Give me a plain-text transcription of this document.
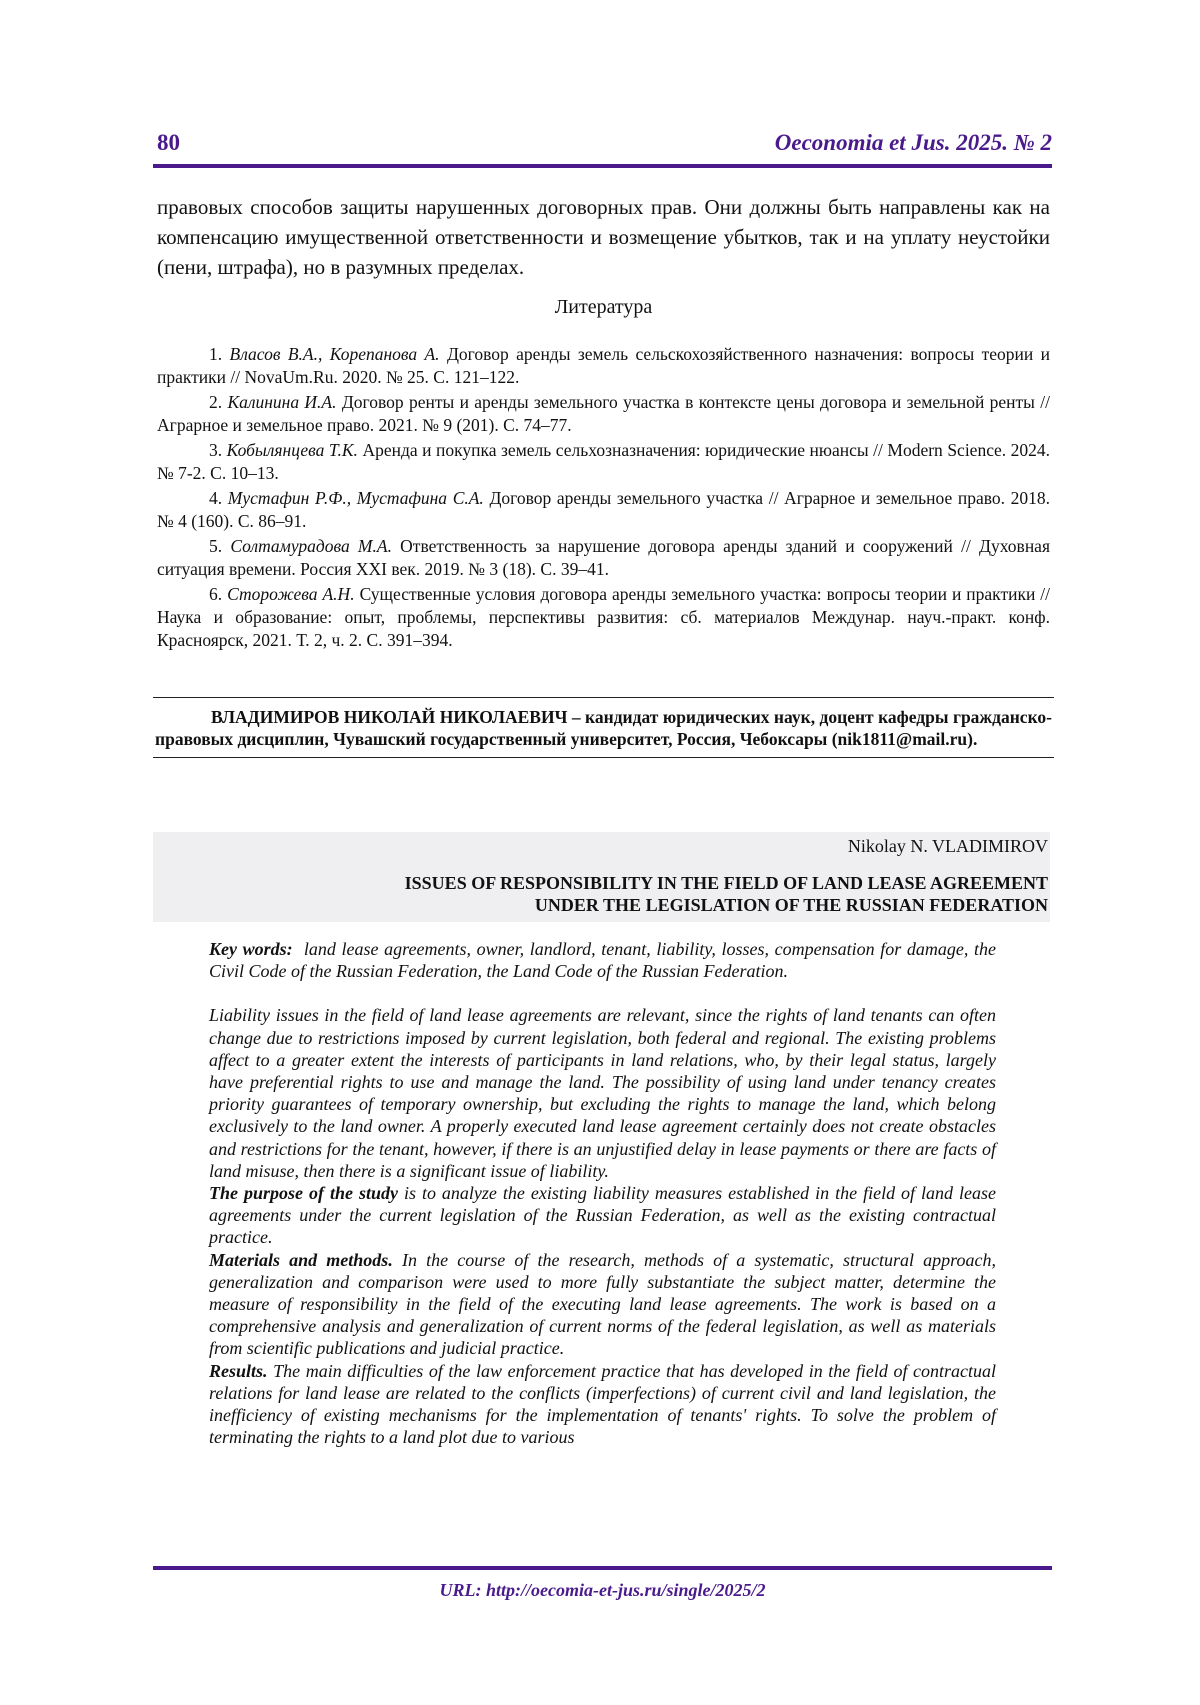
80	Oeconomia et Jus. 2025. № 2
правовых способов защиты нарушенных договорных прав. Они должны быть направлены как на компенсацию имущественной ответственности и возмещение убытков, так и на уплату неустойки (пени, штрафа), но в разумных пределах.
Литература

1. Власов В.А., Корепанова А. Договор аренды земель сельскохозяйственного назначения: вопросы теории и практики // NovaUm.Ru. 2020. № 25. С. 121–122.

2. Калинина И.А. Договор ренты и аренды земельного участка в контексте цены договора и земельной ренты // Аграрное и земельное право. 2021. № 9 (201). С. 74–77.

3. Кобылянцева Т.К. Аренда и покупка земель сельхозназначения: юридические нюансы // Modern Science. 2024. № 7-2. С. 10–13.

4. Мустафин Р.Ф., Мустафина С.А. Договор аренды земельного участка // Аграрное и земельное право. 2018. № 4 (160). С. 86–91.

5. Солтамурадова М.А. Ответственность за нарушение договора аренды зданий и сооружений // Духовная ситуация времени. Россия XXI век. 2019. № 3 (18). С. 39–41.

6. Сторожева А.Н. Существенные условия договора аренды земельного участка: вопросы теории и практики // Наука и образование: опыт, проблемы, перспективы развития: сб. материалов Междунар. науч.-практ. конф. Красноярск, 2021. Т. 2, ч. 2. С. 391–394.

ВЛАДИМИРОВ НИКОЛАЙ НИКОЛАЕВИЧ – кандидат юридических наук, доцент кафедры гражданско-правовых дисциплин, Чувашский государственный университет, Россия, Чебоксары (nik1811@mail.ru).
Nikolay N. VLADIMIROV
ISSUES OF RESPONSIBILITY IN THE FIELD OF LAND LEASE AGREEMENT
UNDER THE LEGISLATION OF THE RUSSIAN FEDERATION

Key words: land lease agreements, owner, landlord, tenant, liability, losses, compensation for damage, the Civil Code of the Russian Federation, the Land Code of the Russian Federation.

Liability issues in the field of land lease agreements are relevant, since the rights of land tenants can often change due to restrictions imposed by current legislation, both federal and regional. The existing problems affect to a greater extent the interests of participants in land relations, who, by their legal status, largely have preferential rights to use and manage the land. The possibility of using land under tenancy creates priority guarantees of temporary ownership, but excluding the rights to manage the land, which belong exclusively to the land owner. A properly executed land lease agreement certainly does not create obstacles and restrictions for the tenant, however, if there is an unjustified delay in lease payments or there are facts of land misuse, then there is a significant issue of liability.

The purpose of the study is to analyze the existing liability measures established in the field of land lease agreements under the current legislation of the Russian Federation, as well as the existing contractual practice.

Materials and methods. In the course of the research, methods of a systematic, structural approach, generalization and comparison were used to more fully substantiate the subject matter, determine the measure of responsibility in the field of the executing land lease agreements. The work is based on a comprehensive analysis and generalization of current norms of the federal legislation, as well as materials from scientific publications and judicial practice.

Results. The main difficulties of the law enforcement practice that has developed in the field of contractual relations for land lease are related to the conflicts (imperfections) of current civil and land legislation, the inefficiency of existing mechanisms for the implementation of tenants' rights. To solve the problem of terminating the rights to a land plot due to various

URL: http://oecomia-et-jus.ru/single/2025/2
